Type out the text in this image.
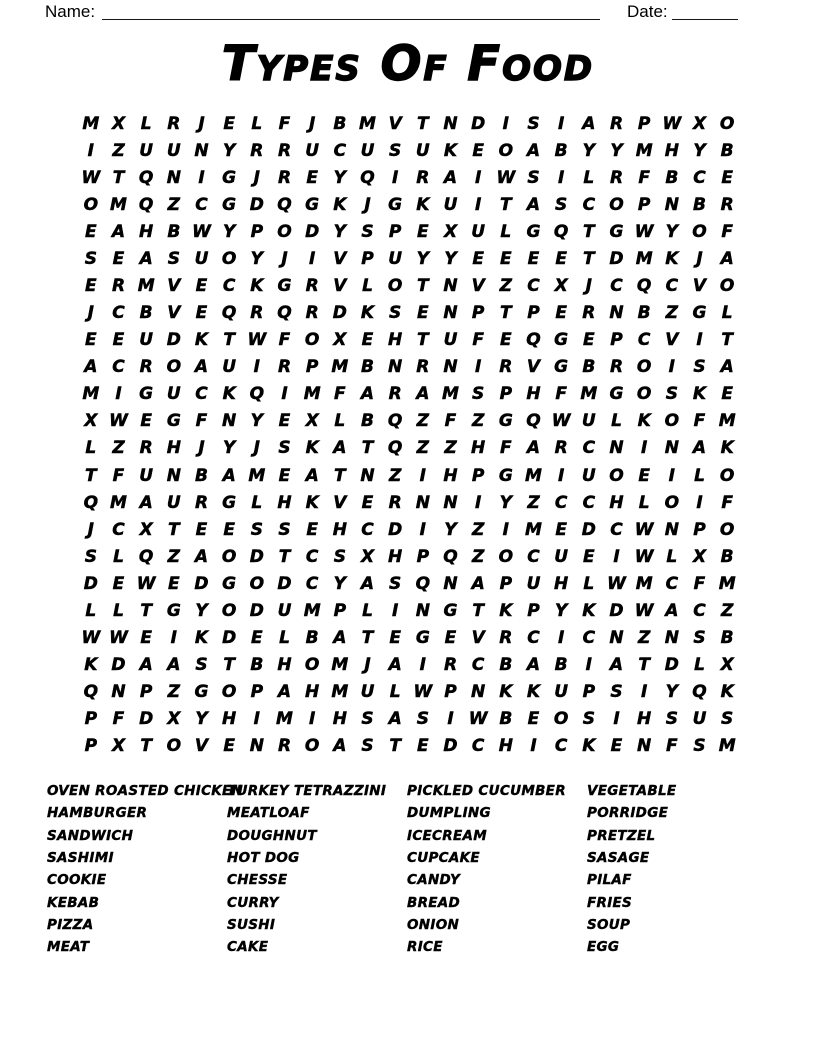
Name:	Date:
Types Of Food
M X L R	J	E L F	J	B M V T N D	I	S	I	A R P W X O
I	Z U U N Y R R U C U S U K E O A B Y Y M H Y B
W T Q N	I	G	J	R E Y Q	I	R A	I W S	I	L R F B C E
O M Q Z C G D Q G K	J	G K U	I	T A S C O P N B R
E A H B W Y P O D Y S P E X U L G Q T G W Y O F
S E A S U O Y	J	I	V P U Y Y E E E E T D M K	J	A
E R M V E C K G R V L O T N V Z C X	J	C Q C V O
J	C B V E Q R Q R D K S E N P T P E R N B Z G L
E E U D K T W F O X E H T U F E Q G E P C V	I	T
A C R O A U	I	R P M B N R N	I	R V G B R O	I	S A
M I	G U C K Q	I M F A R A M S P H F M G O S K E
X W E G F N Y E X L B Q Z F Z G Q W U L K O F M
L Z R H	J	Y	J	S K A T Q Z Z H F A R C N	I	N A K
T F U N B A M E A T N Z	I	H P G M I	U O E	I	L O
Q M A U R G L H K V E R N N	I	Y Z C C H L O	I	F
J	C X T E E S S E H C D	I	Y Z	I M E D C W N P O
S L Q Z A O D T C S X H P Q Z O C U E	I W L X B
D E W E D G O D C Y A S Q N A P U H L W M C F M
L L T G Y O D U M P L	I	N G T K P Y K D W A C Z
W W E	I	K D E L B A T E G E V R C	I	C N Z N S B
K D A A S T B H O M J	A	I	R C B A B	I	A T D L X
Q N P Z G O P A H M U L W P N K K U P S	I	Y Q K
P F D X Y H	I M I	H S A S	I W B E O S	I	H S U S
P X T O V E N R O A S T E D C H	I	C K E N F S M
OVEN ROASTED CHICKEN
HAMBURGER
SANDWICH
SASHIMI
COOKIE
KEBAB
PIZZA
MEAT
TURKEY TETRAZZINI
MEATLOAF
DOUGHNUT
HOT DOG
CHESSE
CURRY
SUSHI
CAKE
PICKLED CUCUMBER
DUMPLING
ICECREAM
CUPCAKE
CANDY
BREAD
ONION
RICE
VEGETABLE
PORRIDGE
PRETZEL
SASAGE
PILAF
FRIES
SOUP
EGG
